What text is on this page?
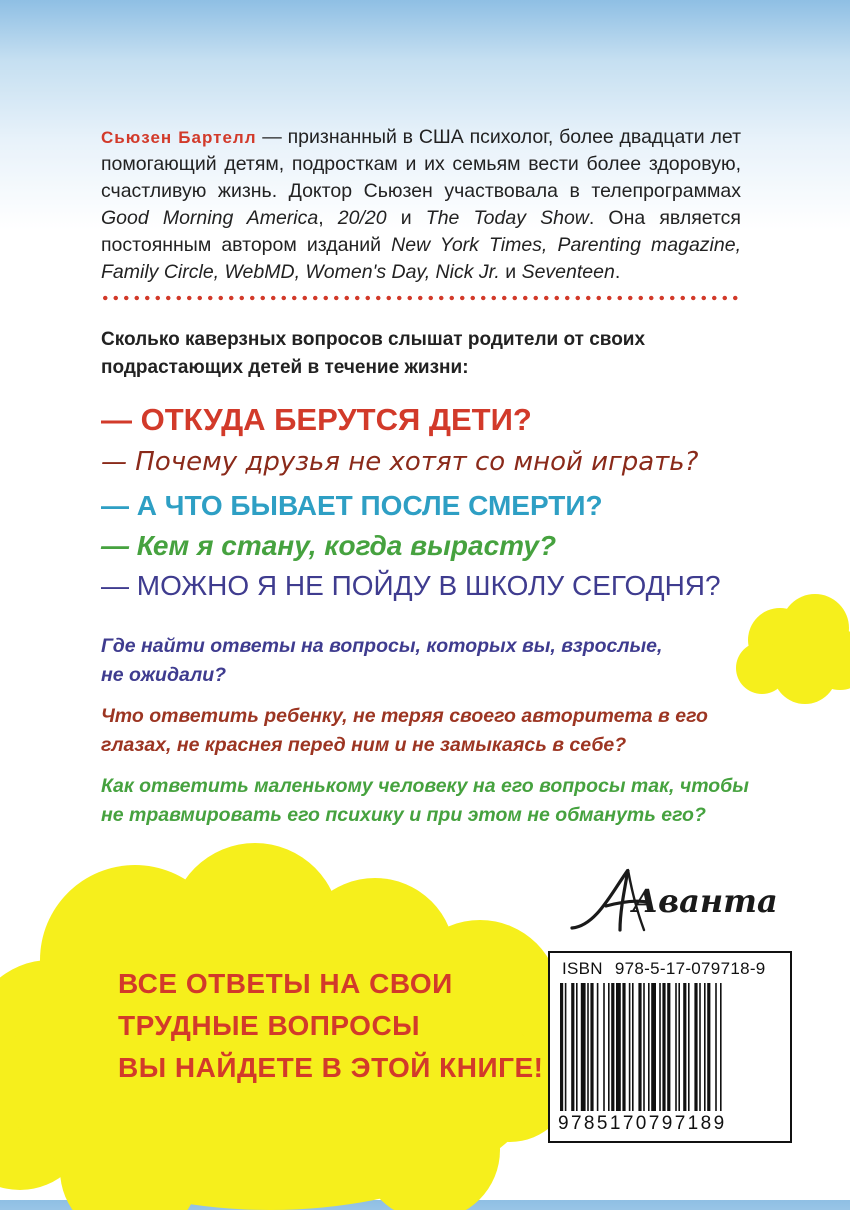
Сьюзен Бартелл — признанный в США психолог, более двадцати лет помогающий детям, подросткам и их семьям вести более здоровую, счастливую жизнь. Доктор Сьюзен участвовала в телепрограммах Good Morning America, 20/20 и The Today Show. Она является постоянным автором изданий New York Times, Parenting magazine, Family Circle, WebMD, Women's Day, Nick Jr. и Seventeen.
Сколько каверзных вопросов слышат родители от своих
подрастающих детей в течение жизни:
— ОТКУДА БЕРУТСЯ ДЕТИ?
— Почему друзья не хотят со мной играть?
— А ЧТО БЫВАЕТ ПОСЛЕ СМЕРТИ?
— Кем я стану, когда вырасту?
— МОЖНО Я НЕ ПОЙДУ В ШКОЛУ СЕГОДНЯ?
Где найти ответы на вопросы, которых вы, взрослые,
не ожидали?
Что ответить ребенку, не теряя своего авторитета в его
глазах, не краснея перед ним и не замыкаясь в себе?
Как ответить маленькому человеку на его вопросы так, чтобы
не травмировать его психику и при этом не обмануть его?
ВСЕ ОТВЕТЫ НА СВОИ
ТРУДНЫЕ ВОПРОСЫ
ВЫ НАЙДЕТЕ В ЭТОЙ КНИГЕ!
Аванта
ISBN 978-5-17-079718-9
9785170797189
